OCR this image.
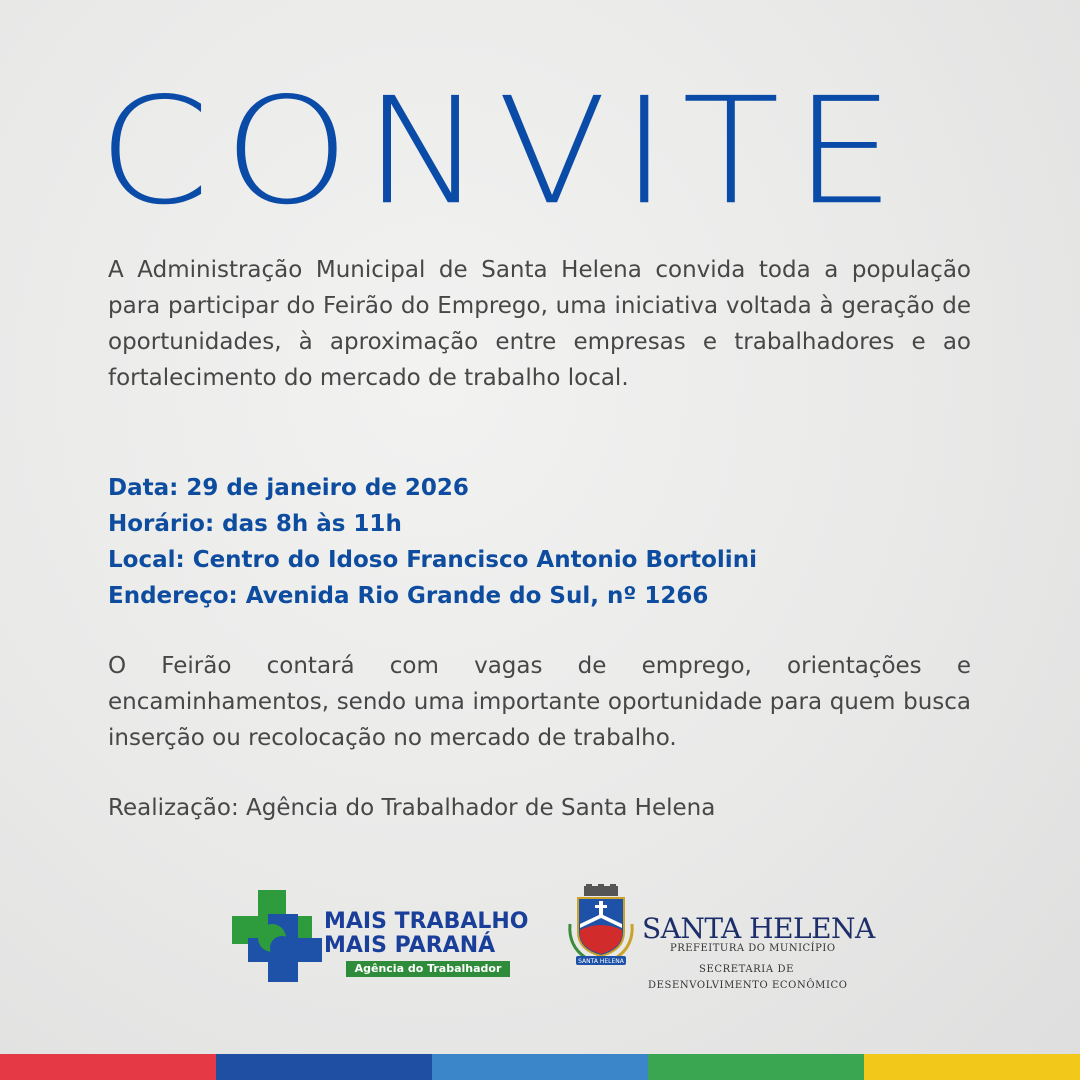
CONVITE

A Administração Municipal de Santa Helena convida toda a população para participar do Feirão do Emprego, uma iniciativa voltada à geração de oportunidades, à aproximação entre empresas e trabalhadores e ao fortalecimento do mercado de trabalho local.

Data: 29 de janeiro de 2026
Horário: das 8h às 11h
Local: Centro do Idoso Francisco Antonio Bortolini
Endereço: Avenida Rio Grande do Sul, nº 1266

O Feirão contará com vagas de emprego, orientações e encaminhamentos, sendo uma importante oportunidade para quem busca inserção ou recolocação no mercado de trabalho.

Realização: Agência do Trabalhador de Santa Helena

MAIS TRABALHO
MAIS PARANÁ
Agência do Trabalhador
SANTA HELENA
SANTA HELENA
PREFEITURA DO MUNICÍPIO
SECRETARIA DE
DESENVOLVIMENTO ECONÔMICO
